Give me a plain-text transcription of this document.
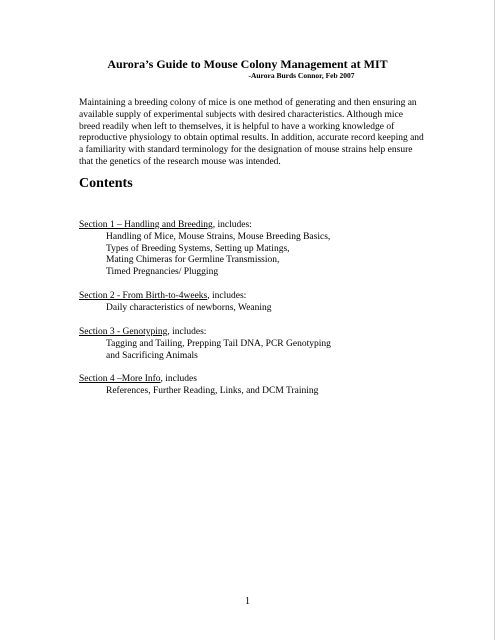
Aurora’s Guide to Mouse Colony Management at MIT
-Aurora Burds Connor, Feb 2007

Maintaining a breeding colony of mice is one method of generating and then ensuring an available supply of experimental subjects with desired characteristics. Although mice breed readily when left to themselves, it is helpful to have a working knowledge of reproductive physiology to obtain optimal results. In addition, accurate record keeping and a familiarity with standard terminology for the designation of mouse strains help ensure that the genetics of the research mouse was intended.

Contents
Section 1 – Handling and Breeding, includes:
Handling of Mice, Mouse Strains, Mouse Breeding Basics,
Types of Breeding Systems, Setting up Matings,
Mating Chimeras for Germline Transmission,
Timed Pregnancies/ Plugging
Section 2 - From Birth-to-4weeks, includes:
Daily characteristics of newborns, Weaning
Section 3 - Genotyping, includes:
Tagging and Tailing, Prepping Tail DNA, PCR Genotyping
and Sacrificing Animals
Section 4 –More Info, includes
References, Further Reading, Links, and DCM Training
1
